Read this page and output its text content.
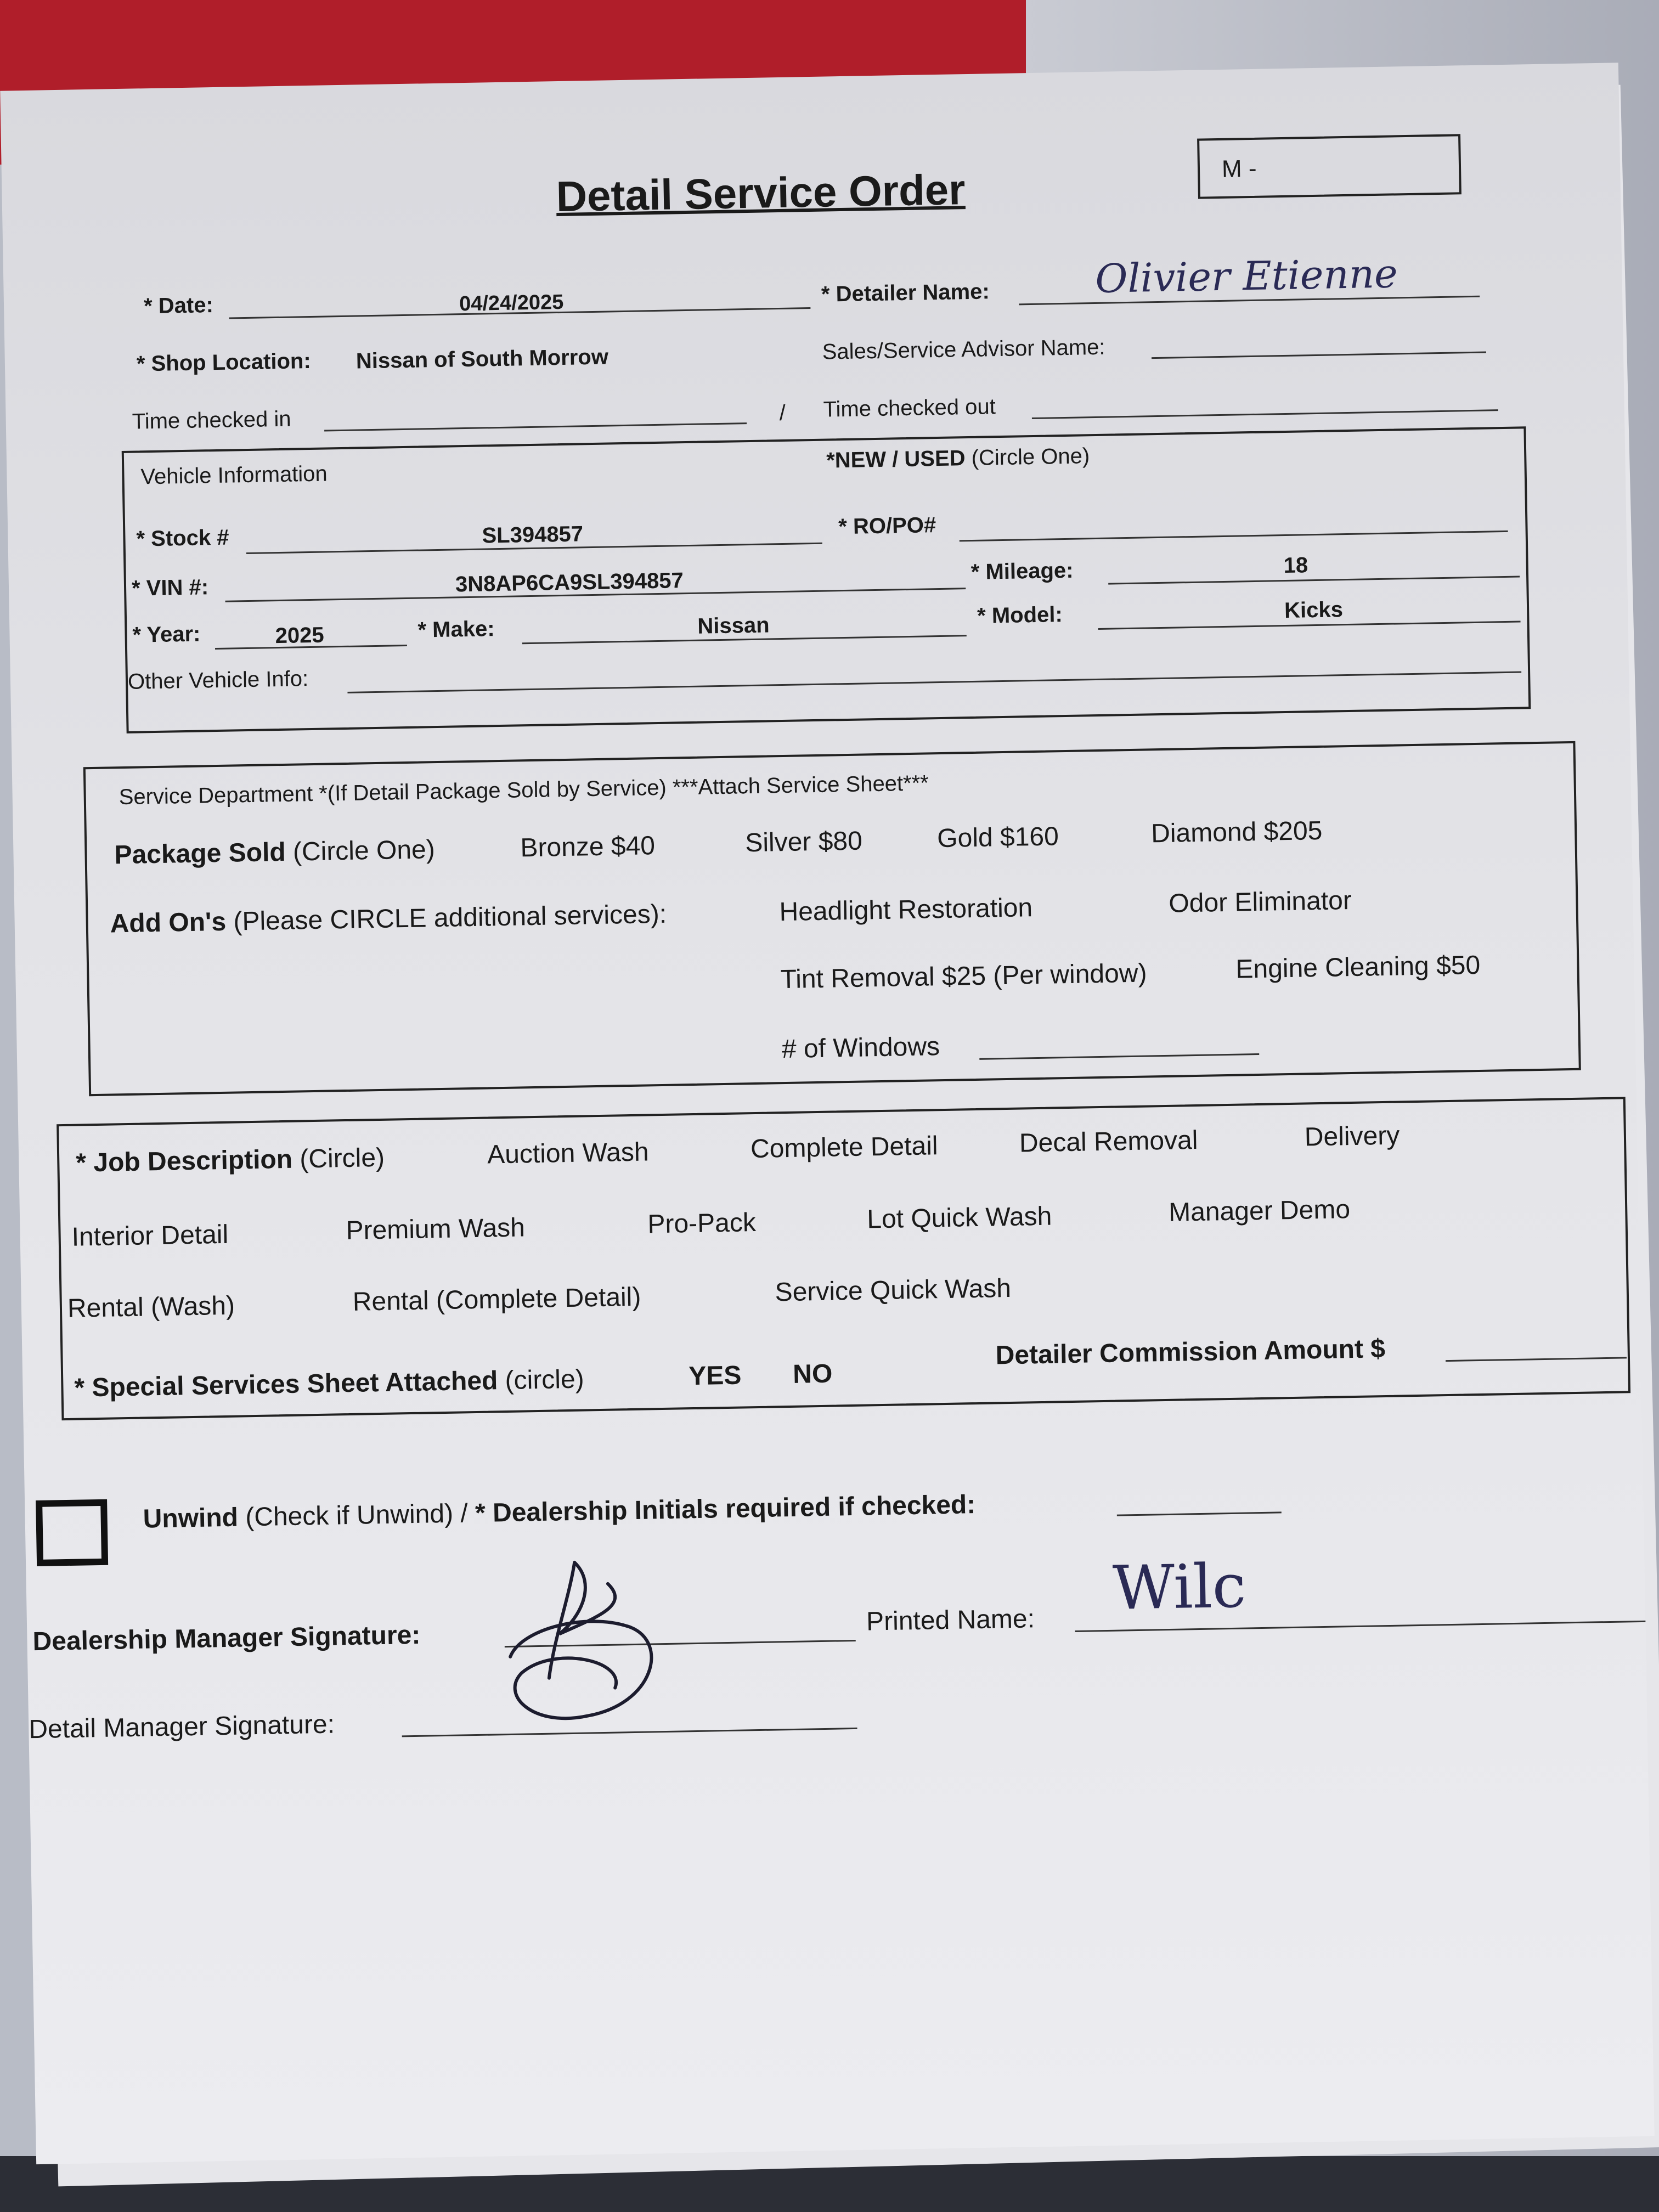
Detail Service Order	M -
* Date:	04/24/2025	* Detailer Name:	Olivier Etienne
* Shop Location: Nissan of South Morrow	Sales/Service Advisor Name:
Time checked in	/ Time checked out
Vehicle Information
*NEW / USED (Circle One)
* Stock #	SL394857	* RO/PO#
* VIN #:	3N8AP6CA9SL394857	* Mileage:	18
* Year:	2025	* Make:	Nissan	* Model:	Kicks
Other Vehicle Info:
Service Department *(If Detail Package Sold by Service) ***Attach Service Sheet***
Package Sold (Circle One)	Bronze $40	Silver $80	Gold $160	Diamond $205
Add On's (Please CIRCLE additional services):	Headlight Restoration	Odor Eliminator
Tint Removal $25 (Per window)	Engine Cleaning $50
# of Windows
* Job Description (Circle)	Auction Wash	Complete Detail	Decal Removal	Delivery
Interior Detail	Premium Wash	Pro-Pack	Lot Quick Wash	Manager Demo
Rental (Wash)	Rental (Complete Detail)	Service Quick Wash
* Special Services Sheet Attached (circle)	YES NO
Detailer Commission Amount $
Unwind (Check if Unwind) / * Dealership Initials required if checked:
Dealership Manager Signature:
Printed Name: Wilc
Detail Manager Signature:
